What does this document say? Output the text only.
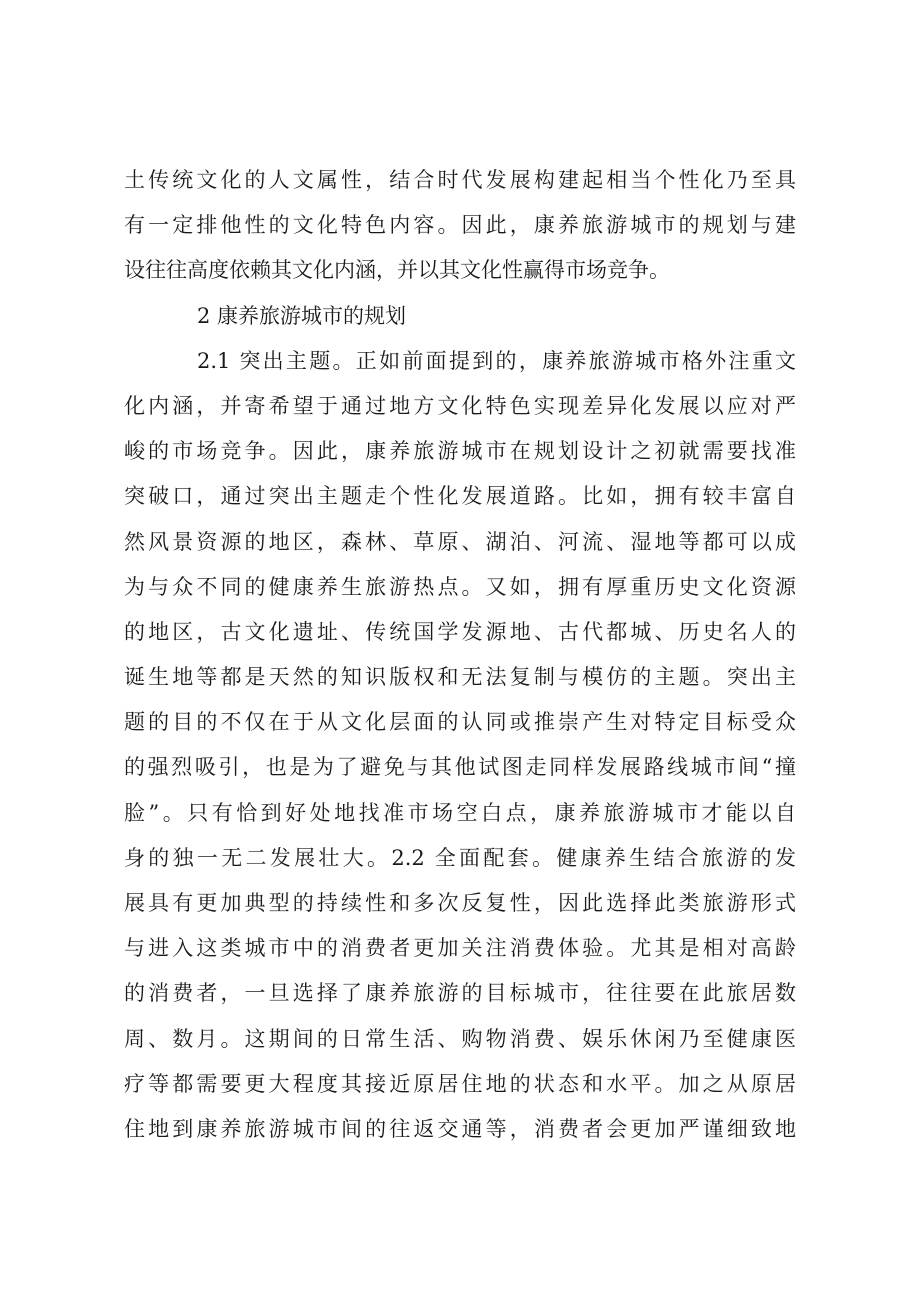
土传统文化的人文属性，结合时代发展构建起相当个性化乃至具
有一定排他性的文化特色内容。因此，康养旅游城市的规划与建
设往往高度依赖其文化内涵，并以其文化性赢得市场竞争。
2 康养旅游城市的规划
2.1 突出主题。正如前面提到的，康养旅游城市格外注重文
化内涵，并寄希望于通过地方文化特色实现差异化发展以应对严
峻的市场竞争。因此，康养旅游城市在规划设计之初就需要找准
突破口，通过突出主题走个性化发展道路。比如，拥有较丰富自
然风景资源的地区，森林、草原、湖泊、河流、湿地等都可以成
为与众不同的健康养生旅游热点。又如，拥有厚重历史文化资源
的地区，古文化遗址、传统国学发源地、古代都城、历史名人的
诞生地等都是天然的知识版权和无法复制与模仿的主题。突出主
题的目的不仅在于从文化层面的认同或推崇产生对特定目标受众
的强烈吸引，也是为了避免与其他试图走同样发展路线城市间“撞
脸”。只有恰到好处地找准市场空白点，康养旅游城市才能以自
身的独一无二发展壮大。2.2 全面配套。健康养生结合旅游的发
展具有更加典型的持续性和多次反复性，因此选择此类旅游形式
与进入这类城市中的消费者更加关注消费体验。尤其是相对高龄
的消费者，一旦选择了康养旅游的目标城市，往往要在此旅居数
周、数月。这期间的日常生活、购物消费、娱乐休闲乃至健康医
疗等都需要更大程度其接近原居住地的状态和水平。加之从原居
住地到康养旅游城市间的往返交通等，消费者会更加严谨细致地
